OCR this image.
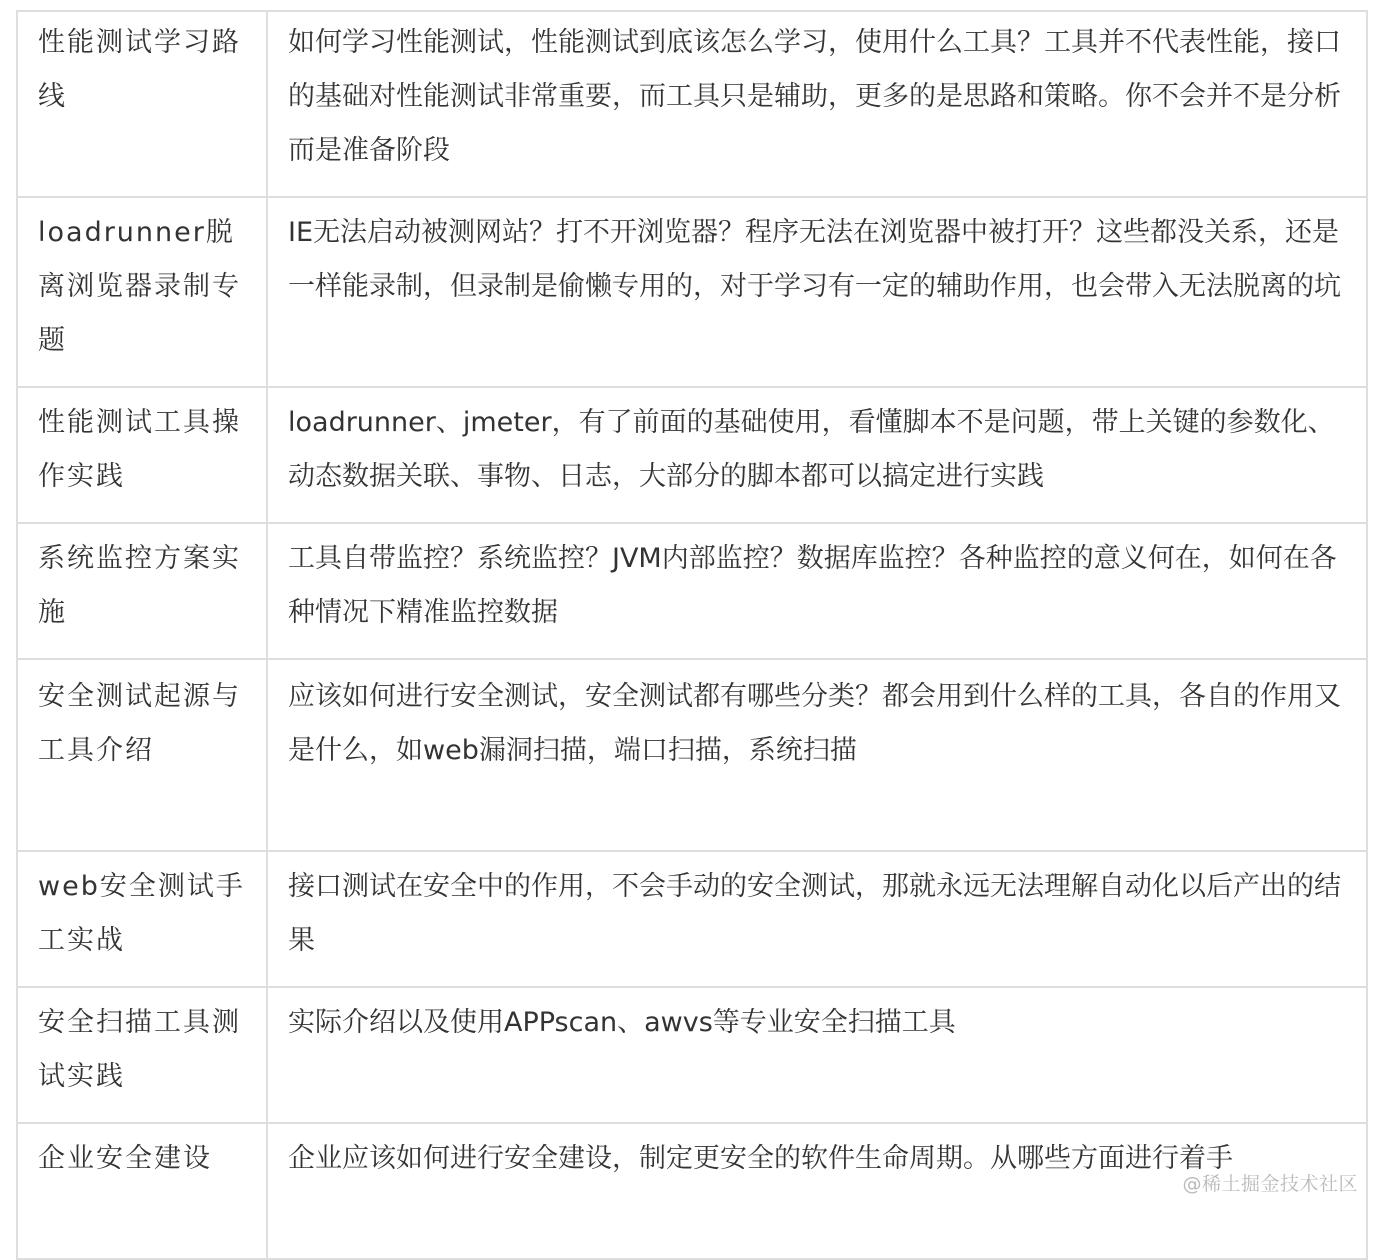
性能测试学习路线	如何学习性能测试，性能测试到底该怎么学习，使用什么工具？工具并不代表性能，接口的基础对性能测试非常重要，而工具只是辅助，更多的是思路和策略。你不会并不是分析而是准备阶段

loadrunner脱离浏览器录制专题	IE无法启动被测网站？打不开浏览器？程序无法在浏览器中被打开？这些都没关系，还是一样能录制，但录制是偷懒专用的，对于学习有一定的辅助作用，也会带入无法脱离的坑

性能测试工具操作实践	loadrunner、jmeter，有了前面的基础使用，看懂脚本不是问题，带上关键的参数化、动态数据关联、事物、日志，大部分的脚本都可以搞定进行实践

系统监控方案实施	工具自带监控？系统监控？JVM内部监控？数据库监控？各种监控的意义何在，如何在各种情况下精准监控数据

安全测试起源与工具介绍	应该如何进行安全测试，安全测试都有哪些分类？都会用到什么样的工具，各自的作用又是什么，如web漏洞扫描，端口扫描，系统扫描

web安全测试手工实战	接口测试在安全中的作用，不会手动的安全测试，那就永远无法理解自动化以后产出的结果

安全扫描工具测试实践	实际介绍以及使用APPscan、awvs等专业安全扫描工具

企业安全建设	企业应该如何进行安全建设，制定更安全的软件生命周期。从哪些方面进行着手
@稀土掘金技术社区
